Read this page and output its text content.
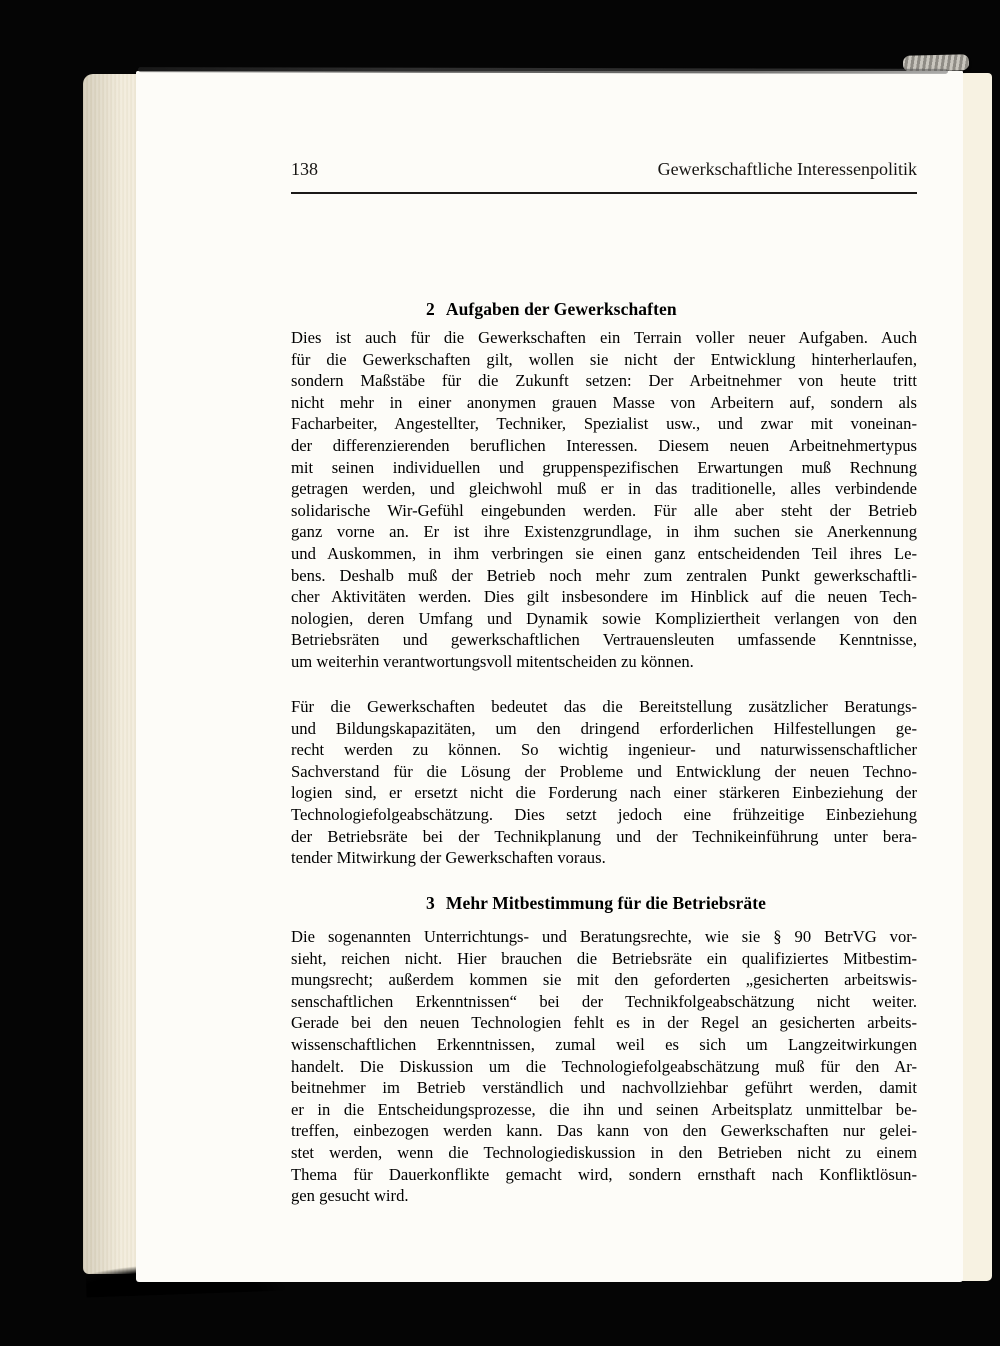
138	Gewerkschaftliche Interessenpolitik
2 Aufgaben der Gewerkschaften
Dies ist auch für die Gewerkschaften ein Terrain voller neuer Aufgaben. Auch
für die Gewerkschaften gilt, wollen sie nicht der Entwicklung hinterherlaufen,
sondern Maßstäbe für die Zukunft setzen: Der Arbeitnehmer von heute tritt
nicht mehr in einer anonymen grauen Masse von Arbeitern auf, sondern als
Facharbeiter, Angestellter, Techniker, Spezialist usw., und zwar mit voneinan-
der differenzierenden beruflichen Interessen. Diesem neuen Arbeitnehmertypus
mit seinen individuellen und gruppenspezifischen Erwartungen muß Rechnung
getragen werden, und gleichwohl muß er in das traditionelle, alles verbindende
solidarische Wir-Gefühl eingebunden werden. Für alle aber steht der Betrieb
ganz vorne an. Er ist ihre Existenzgrundlage, in ihm suchen sie Anerkennung
und Auskommen, in ihm verbringen sie einen ganz entscheidenden Teil ihres Le-
bens. Deshalb muß der Betrieb noch mehr zum zentralen Punkt gewerkschaftli-
cher Aktivitäten werden. Dies gilt insbesondere im Hinblick auf die neuen Tech-
nologien, deren Umfang und Dynamik sowie Kompliziertheit verlangen von den
Betriebsräten und gewerkschaftlichen Vertrauensleuten umfassende Kenntnisse,
um weiterhin verantwortungsvoll mitentscheiden zu können.
Für die Gewerkschaften bedeutet das die Bereitstellung zusätzlicher Beratungs-
und Bildungskapazitäten, um den dringend erforderlichen Hilfestellungen ge-
recht werden zu können. So wichtig ingenieur- und naturwissenschaftlicher
Sachverstand für die Lösung der Probleme und Entwicklung der neuen Techno-
logien sind, er ersetzt nicht die Forderung nach einer stärkeren Einbeziehung der
Technologiefolgeabschätzung. Dies setzt jedoch eine frühzeitige Einbeziehung
der Betriebsräte bei der Technikplanung und der Technikeinführung unter bera-
tender Mitwirkung der Gewerkschaften voraus.
3 Mehr Mitbestimmung für die Betriebsräte
Die sogenannten Unterrichtungs- und Beratungsrechte, wie sie § 90 BetrVG vor-
sieht, reichen nicht. Hier brauchen die Betriebsräte ein qualifiziertes Mitbestim-
mungsrecht; außerdem kommen sie mit den geforderten „gesicherten arbeitswis-
senschaftlichen Erkenntnissen“ bei der Technikfolgeabschätzung nicht weiter.
Gerade bei den neuen Technologien fehlt es in der Regel an gesicherten arbeits-
wissenschaftlichen Erkenntnissen, zumal weil es sich um Langzeitwirkungen
handelt. Die Diskussion um die Technologiefolgeabschätzung muß für den Ar-
beitnehmer im Betrieb verständlich und nachvollziehbar geführt werden, damit
er in die Entscheidungsprozesse, die ihn und seinen Arbeitsplatz unmittelbar be-
treffen, einbezogen werden kann. Das kann von den Gewerkschaften nur gelei-
stet werden, wenn die Technologiediskussion in den Betrieben nicht zu einem
Thema für Dauerkonflikte gemacht wird, sondern ernsthaft nach Konfliktlösun-
gen gesucht wird.
